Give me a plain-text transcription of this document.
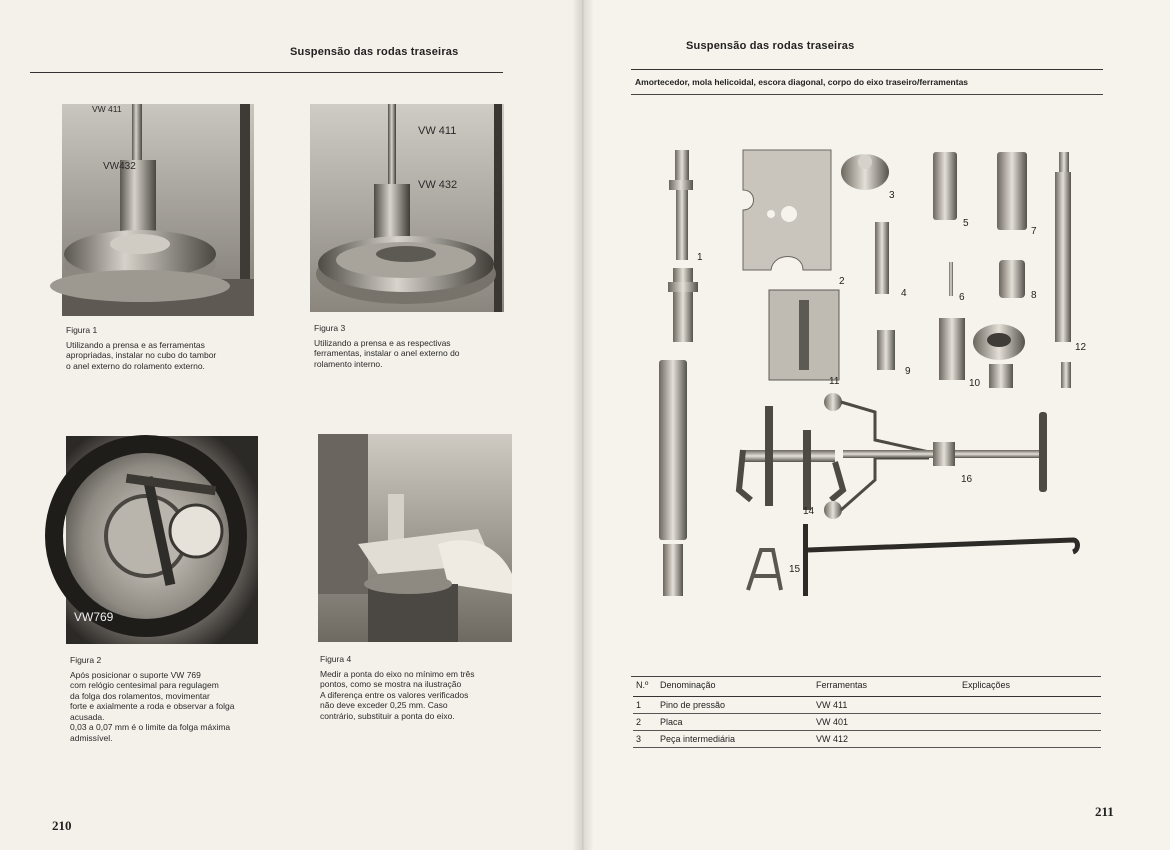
Suspensão das rodas traseiras
VW 411
VW432
Figura 1
Utilizando a prensa e as ferramentas
apropriadas, instalar no cubo do tambor
o anel externo do rolamento externo.
VW 411
VW 432
Figura 3
Utilizando a prensa e as respectivas
ferramentas, instalar o anel externo do
rolamento interno.
VW769
Figura 2
Após posicionar o suporte VW 769
com relógio centesimal para regulagem
da folga dos rolamentos, movimentar
forte e axialmente a roda e observar a folga
acusada.
0,03 a 0,07 mm é o limite da folga máxima
admissível.
Figura 4
Medir a ponta do eixo no mínimo em três
pontos, como se mostra na ilustração
A diferença entre os valores verificados
não deve exceder 0,25 mm. Caso
contrário, substituir a ponta do eixo.
210
Suspensão das rodas traseiras
Amortecedor, mola helicoidal, escora diagonal, corpo do eixo traseiro/ferramentas
1
2
3
4
5
6
7
8
9
10
11
12
14
15
16
N.º	Denominação	Ferramentas	Explicações
1	Pino de pressão	VW 411	
2	Placa	VW 401	
3	Peça intermediária	VW 412	
211
